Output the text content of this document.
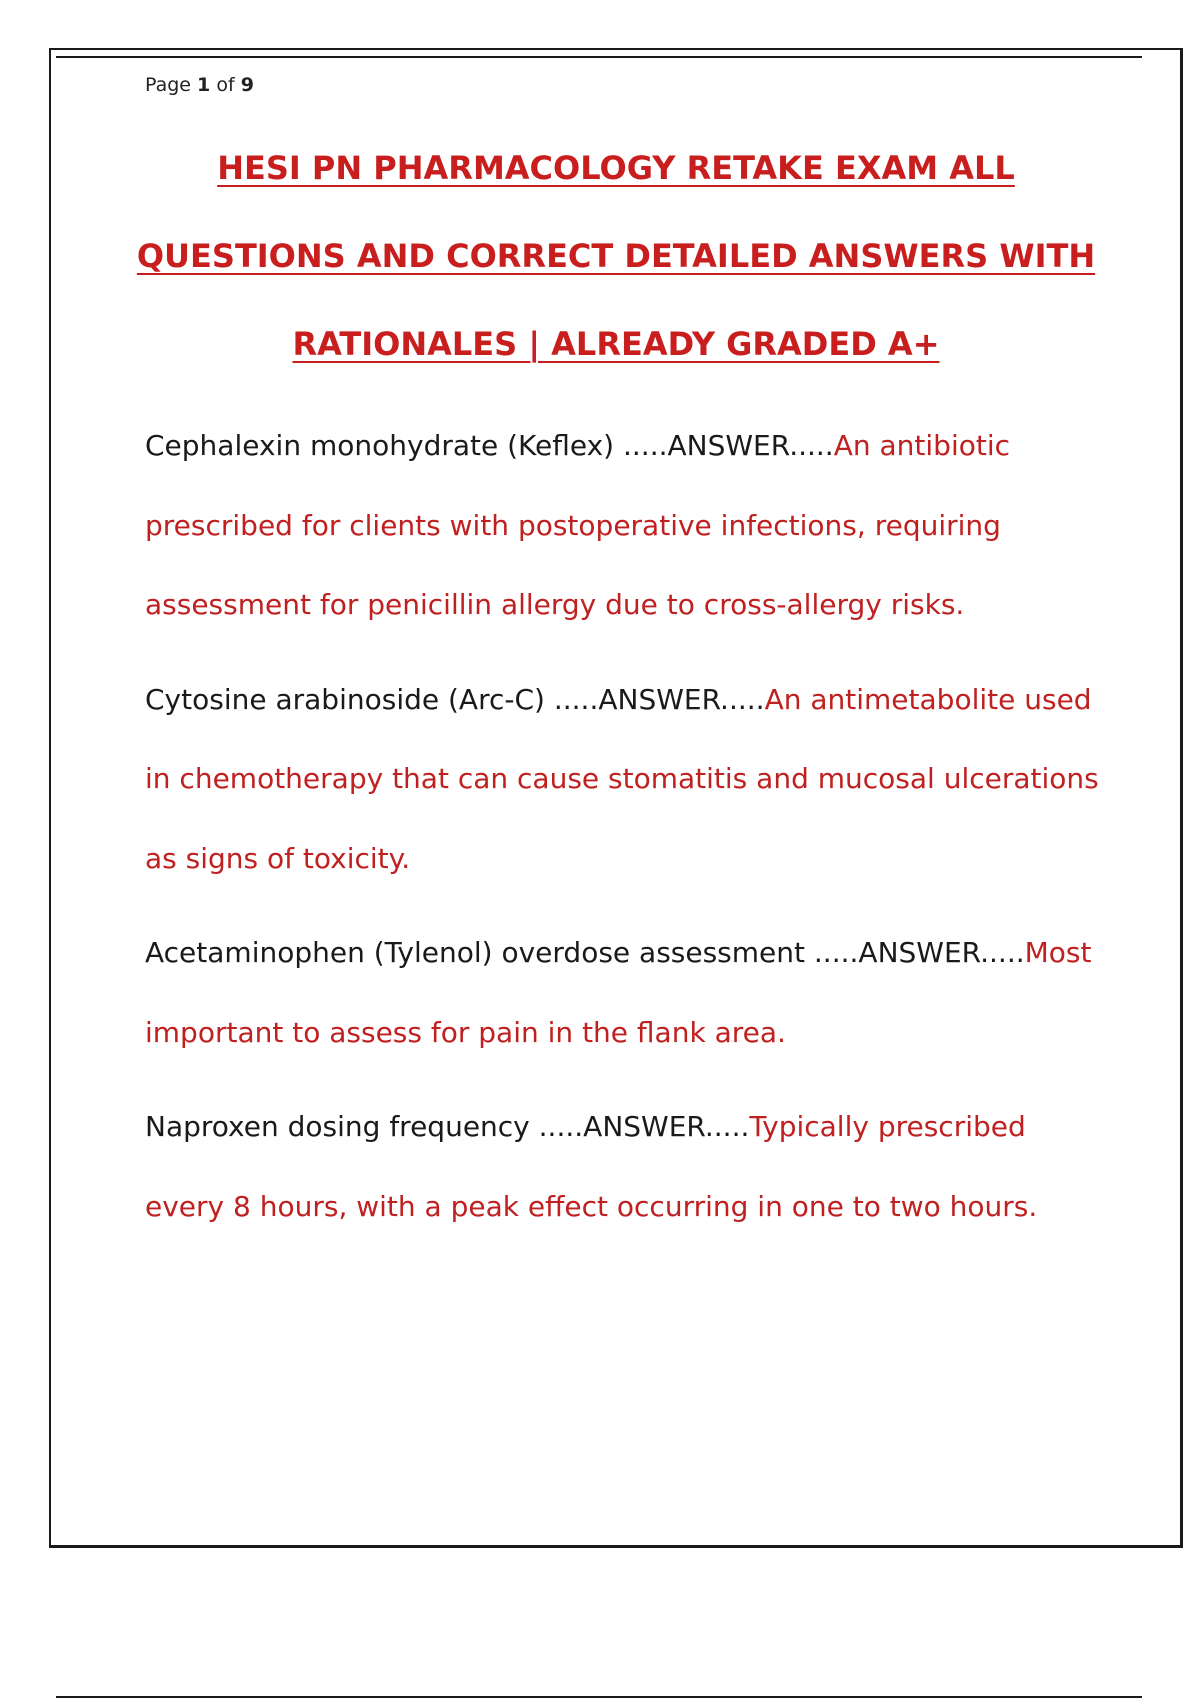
Page 1 of 9
HESI PN PHARMACOLOGY RETAKE EXAM ALL
QUESTIONS AND CORRECT DETAILED ANSWERS WITH
RATIONALES | ALREADY GRADED A+

Cephalexin monohydrate (Keflex) .....ANSWER.....An antibiotic prescribed for clients with postoperative infections, requiring assessment for penicillin allergy due to cross-allergy risks.

Cytosine arabinoside (Arc-C) .....ANSWER.....An antimetabolite used in chemotherapy that can cause stomatitis and mucosal ulcerations as signs of toxicity.

Acetaminophen (Tylenol) overdose assessment .....ANSWER.....Most important to assess for pain in the flank area.

Naproxen dosing frequency .....ANSWER.....Typically prescribed every 8 hours, with a peak effect occurring in one to two hours.
